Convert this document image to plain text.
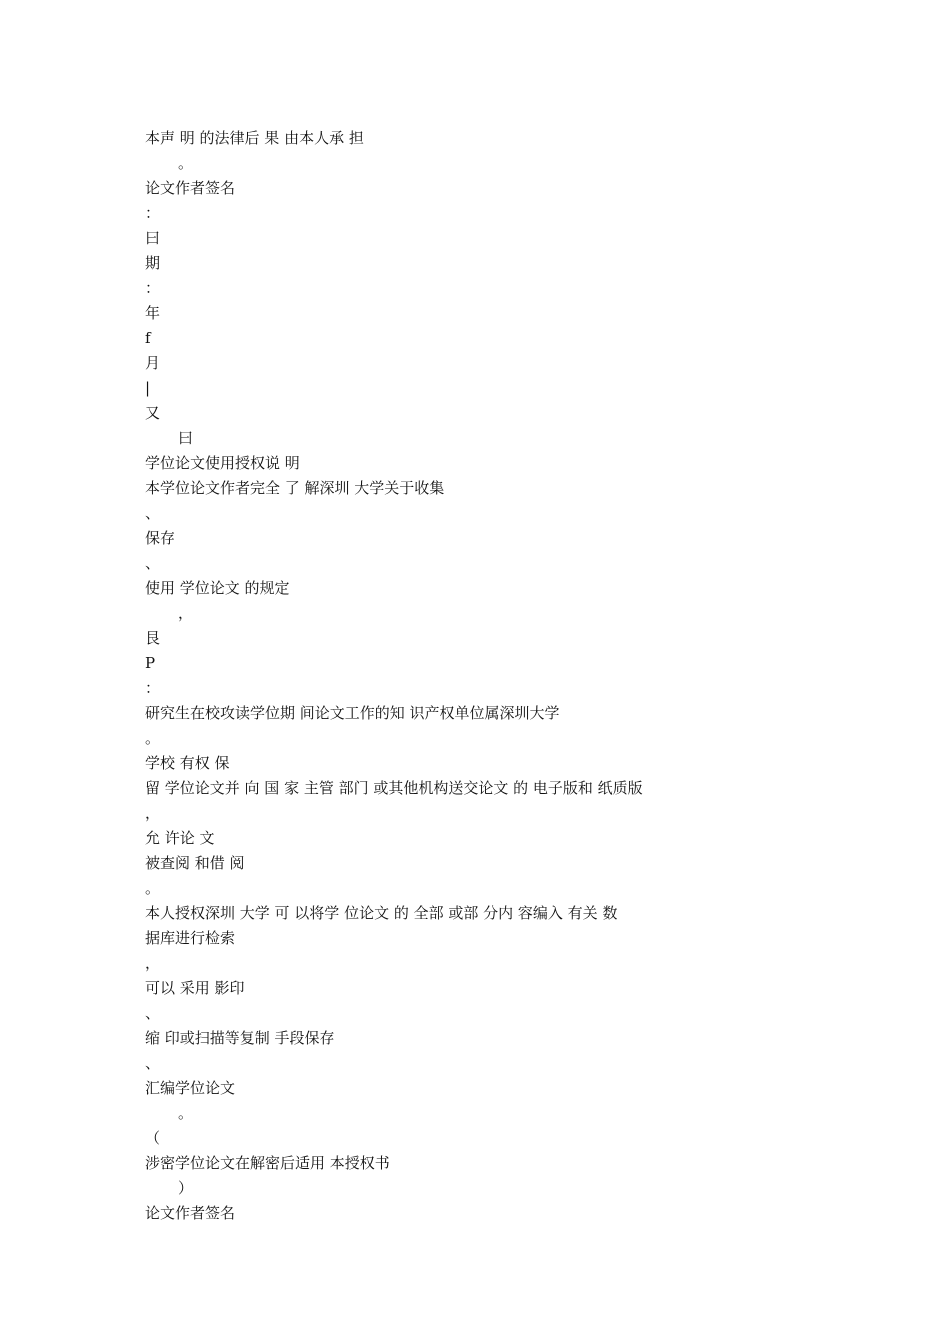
本声 明 的法律后 果 由本人承 担
。
论文作者签名
：
曰
期
：
年
f
月
|
又
曰
学位论文使用授权说 明
本学位论文作者完全 了 解深圳 大学关于收集
、
保存
、
使用 学位论文 的规定
，
艮
P
：
研究生在校攻读学位期 间论文工作的知 识产权单位属深圳大学
。
学校 有权 保
留 学位论文并 向 国 家 主管 部门 或其他机构送交论文 的 电子版和 纸质版
，
允 许论 文
被查阅 和借 阅
。
本人授权深圳 大学 可 以将学 位论文 的 全部 或部 分内 容编入 有关 数
据库进行检索
，
可以 采用 影印
、
缩 印或扫描等复制 手段保存
、
汇编学位论文
。
（
涉密学位论文在解密后适用 本授权书
）
论文作者签名
